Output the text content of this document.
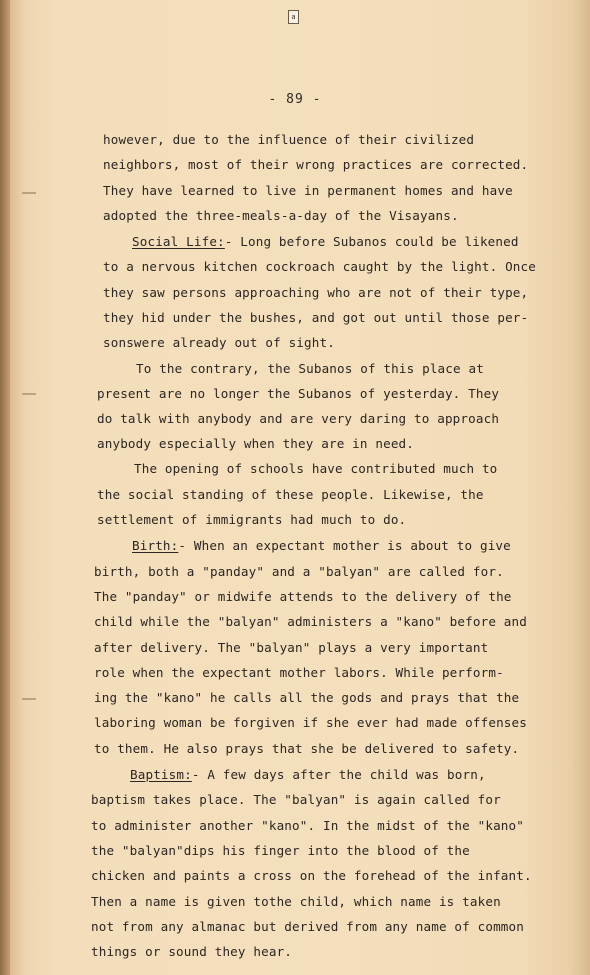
a
- 89 -
however, due to the influence of their civilized
neighbors, most of their wrong practices are corrected.
They have learned to live in permanent homes and have
adopted the three-meals-a-day of the Visayans.
Social Life:- Long before Subanos could be likened
to a nervous kitchen cockroach caught by the light. Once
they saw persons approaching who are not of their type,
they hid under the bushes, and got out until those per-
sonswere already out of sight.
To the contrary, the Subanos of this place at
present are no longer the Subanos of yesterday. They
do talk with anybody and are very daring to approach
anybody especially when they are in need.
The opening of schools have contributed much to
the social standing of these people. Likewise, the
settlement of immigrants had much to do.
Birth:- When an expectant mother is about to give
birth, both a "panday" and a "balyan" are called for.
The "panday" or midwife attends to the delivery of the
child while the "balyan" administers a "kano" before and
after delivery. The "balyan" plays a very important
role when the expectant mother labors. While perform-
ing the "kano" he calls all the gods and prays that the
laboring woman be forgiven if she ever had made offenses
to them. He also prays that she be delivered to safety.
Baptism:- A few days after the child was born,
baptism takes place. The "balyan" is again called for
to administer another "kano". In the midst of the "kano"
the "balyan"dips his finger into the blood of the
chicken and paints a cross on the forehead of the infant.
Then a name is given tothe child, which name is taken
not from any almanac but derived from any name of common
things or sound they hear.
